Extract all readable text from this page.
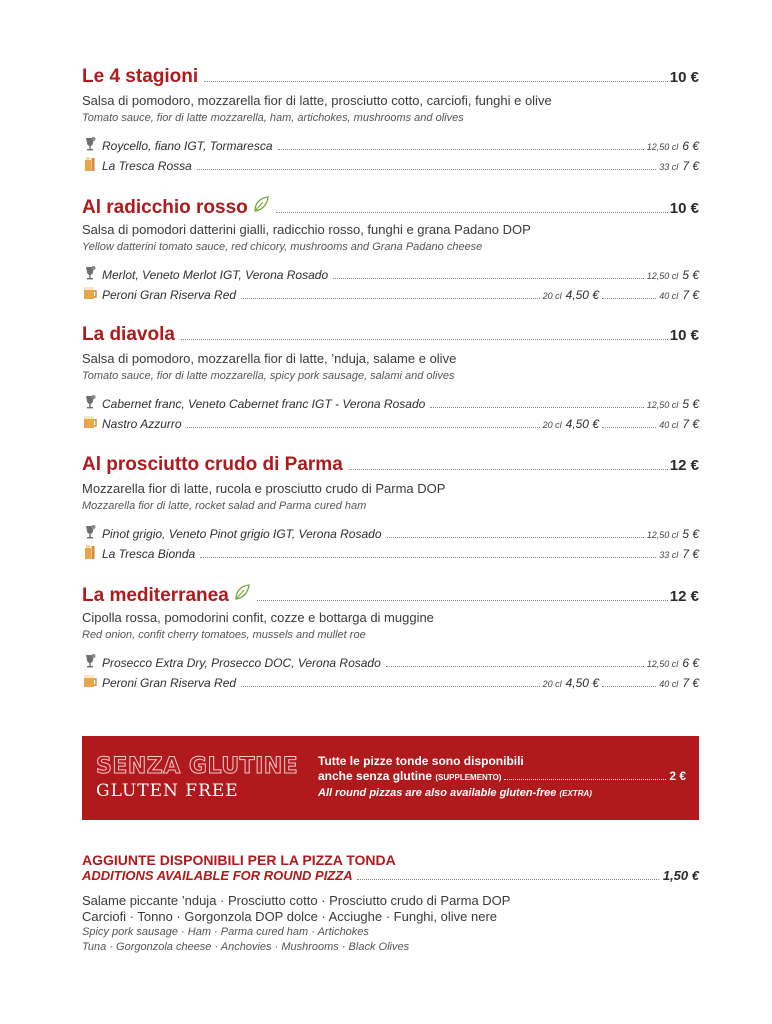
Le 4 stagioni	10 €
Salsa di pomodoro, mozzarella fior di latte, prosciutto cotto, carciofi, funghi e olive
Tomato sauce, fior di latte mozzarella, ham, artichokes, mushrooms and olives
Roycello, fiano IGT, Tormaresca	12,50 cl 6 €
La Tresca Rossa	33 cl 7 €
Al radicchio rosso	10 €
Salsa di pomodori datterini gialli, radicchio rosso, funghi e grana Padano DOP
Yellow datterini tomato sauce, red chicory, mushrooms and Grana Padano cheese
Merlot, Veneto Merlot IGT, Verona Rosado	12,50 cl 5 €
Peroni Gran Riserva Red	20 cl 4,50 €	40 cl 7 €
La diavola	10 €
Salsa di pomodoro, mozzarella fior di latte, ’nduja, salame e olive
Tomato sauce, fior di latte mozzarella, spicy pork sausage, salami and olives
Cabernet franc, Veneto Cabernet franc IGT - Verona Rosado	12,50 cl 5 €
Nastro Azzurro	20 cl 4,50 €	40 cl 7 €
Al prosciutto crudo di Parma	12 €
Mozzarella fior di latte, rucola e prosciutto crudo di Parma DOP
Mozzarella fior di latte, rocket salad and Parma cured ham
Pinot grigio, Veneto Pinot grigio IGT, Verona Rosado	12,50 cl 5 €
La Tresca Bionda	33 cl 7 €
La mediterranea	12 €
Cipolla rossa, pomodorini confit, cozze e bottarga di muggine
Red onion, confit cherry tomatoes, mussels and mullet roe
Prosecco Extra Dry, Prosecco DOC, Verona Rosado	12,50 cl 6 €
Peroni Gran Riserva Red	20 cl 4,50 €	40 cl 7 €
SENZA GLUTINE
GLUTEN FREE
Tutte le pizze tonde sono disponibili
anche senza glutine
(SUPPLEMENTO)	2 €
All round pizzas are also available gluten-free
(EXTRA)
AGGIUNTE DISPONIBILI PER LA PIZZA TONDA
ADDITIONS AVAILABLE FOR ROUND PIZZA	1,50 €
Salame piccante ’nduja · Prosciutto cotto · Prosciutto crudo di Parma DOP
Carciofi · Tonno · Gorgonzola DOP dolce · Acciughe · Funghi, olive nere
Spicy pork sausage · Ham · Parma cured ham · Artichokes
Tuna · Gorgonzola cheese · Anchovies · Mushrooms · Black Olives
